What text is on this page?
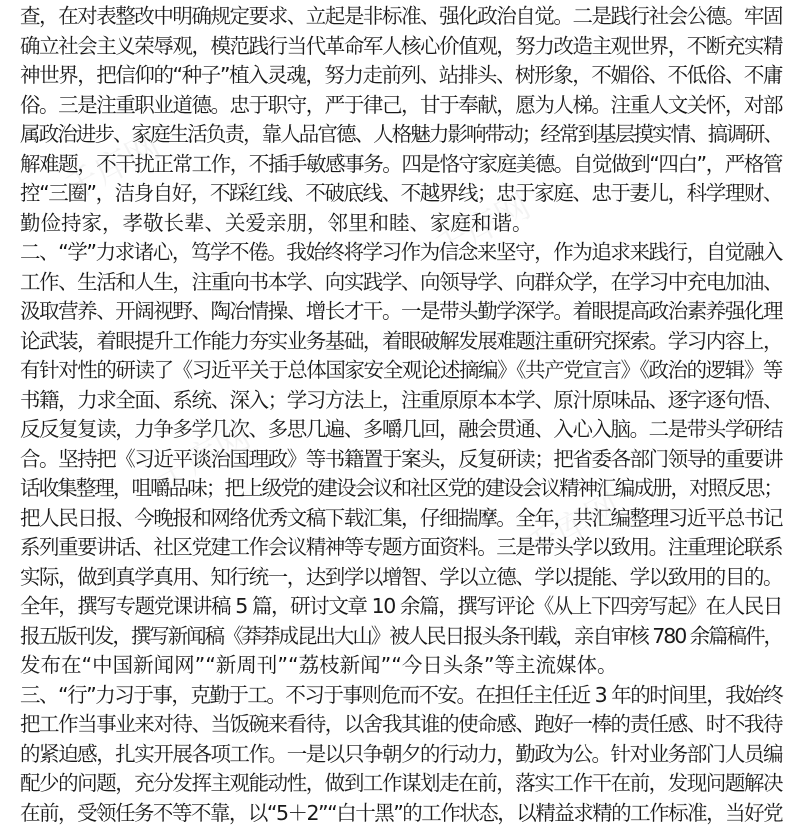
查，在对表整改中明确规定要求、立起是非标准、强化政治自觉。二是践行社会公德。牢固
确立社会主义荣辱观，模范践行当代革命军人核心价值观，努力改造主观世界，不断充实精
神世界，把信仰的“种子”植入灵魂，努力走前列、站排头、树形象，不媚俗、不低俗、不庸
俗。三是注重职业道德。忠于职守，严于律己，甘于奉献，愿为人梯。注重人文关怀，对部
属政治进步、家庭生活负责，靠人品官德、人格魅力影响带动；经常到基层摸实情、搞调研、
解难题，不干扰正常工作，不插手敏感事务。四是恪守家庭美德。自觉做到“四白”，严格管
控“三圈”，洁身自好，不踩红线、不破底线、不越界线；忠于家庭、忠于妻儿，科学理财、
勤俭持家，孝敬长辈、关爱亲朋，邻里和睦、家庭和谐。
二、“学”力求诸心，笃学不倦。我始终将学习作为信念来坚守，作为追求来践行，自觉融入
工作、生活和人生，注重向书本学、向实践学、向领导学、向群众学，在学习中充电加油、
汲取营养、开阔视野、陶冶情操、增长才干。一是带头勤学深学。着眼提高政治素养强化理
论武装，着眼提升工作能力夯实业务基础，着眼破解发展难题注重研究探索。学习内容上，
有针对性的研读了《习近平关于总体国家安全观论述摘编》《共产党宣言》《政治的逻辑》等
书籍，力求全面、系统、深入；学习方法上，注重原原本本学、原汁原味品、逐字逐句悟、
反反复复读，力争多学几次、多思几遍、多嚼几回，融会贯通、入心入脑。二是带头学研结
合。坚持把《习近平谈治国理政》等书籍置于案头，反复研读；把省委各部门领导的重要讲
话收集整理，咀嚼品味；把上级党的建设会议和社区党的建设会议精神汇编成册，对照反思；
把人民日报、今晚报和网络优秀文稿下载汇集，仔细揣摩。全年，共汇编整理习近平总书记
系列重要讲话、社区党建工作会议精神等专题方面资料。三是带头学以致用。注重理论联系
实际，做到真学真用、知行统一，达到学以增智、学以立德、学以提能、学以致用的目的。
全年，撰写专题党课讲稿 5 篇，研讨文章 10 余篇，撰写评论《从上下四旁写起》在人民日
报五版刊发，撰写新闻稿《莽莽成昆出大山》被人民日报头条刊载，亲自审核 780 余篇稿件，
发布在“中国新闻网”“新周刊”“荔枝新闻”“今日头条”等主流媒体。
三、“行”力习于事，克勤于工。不习于事则危而不安。在担任主任近 3 年的时间里，我始终
把工作当事业来对待、当饭碗来看待，以舍我其谁的使命感、跑好一棒的责任感、时不我待
的紧迫感，扎实开展各项工作。一是以只争朝夕的行动力，勤政为公。针对业务部门人员编
配少的问题，充分发挥主观能动性，做到工作谋划走在前，落实工作干在前，发现问题解决
在前，受领任务不等不靠，以“5＋2”“白十黑”的工作状态，以精益求精的工作标准，当好党
